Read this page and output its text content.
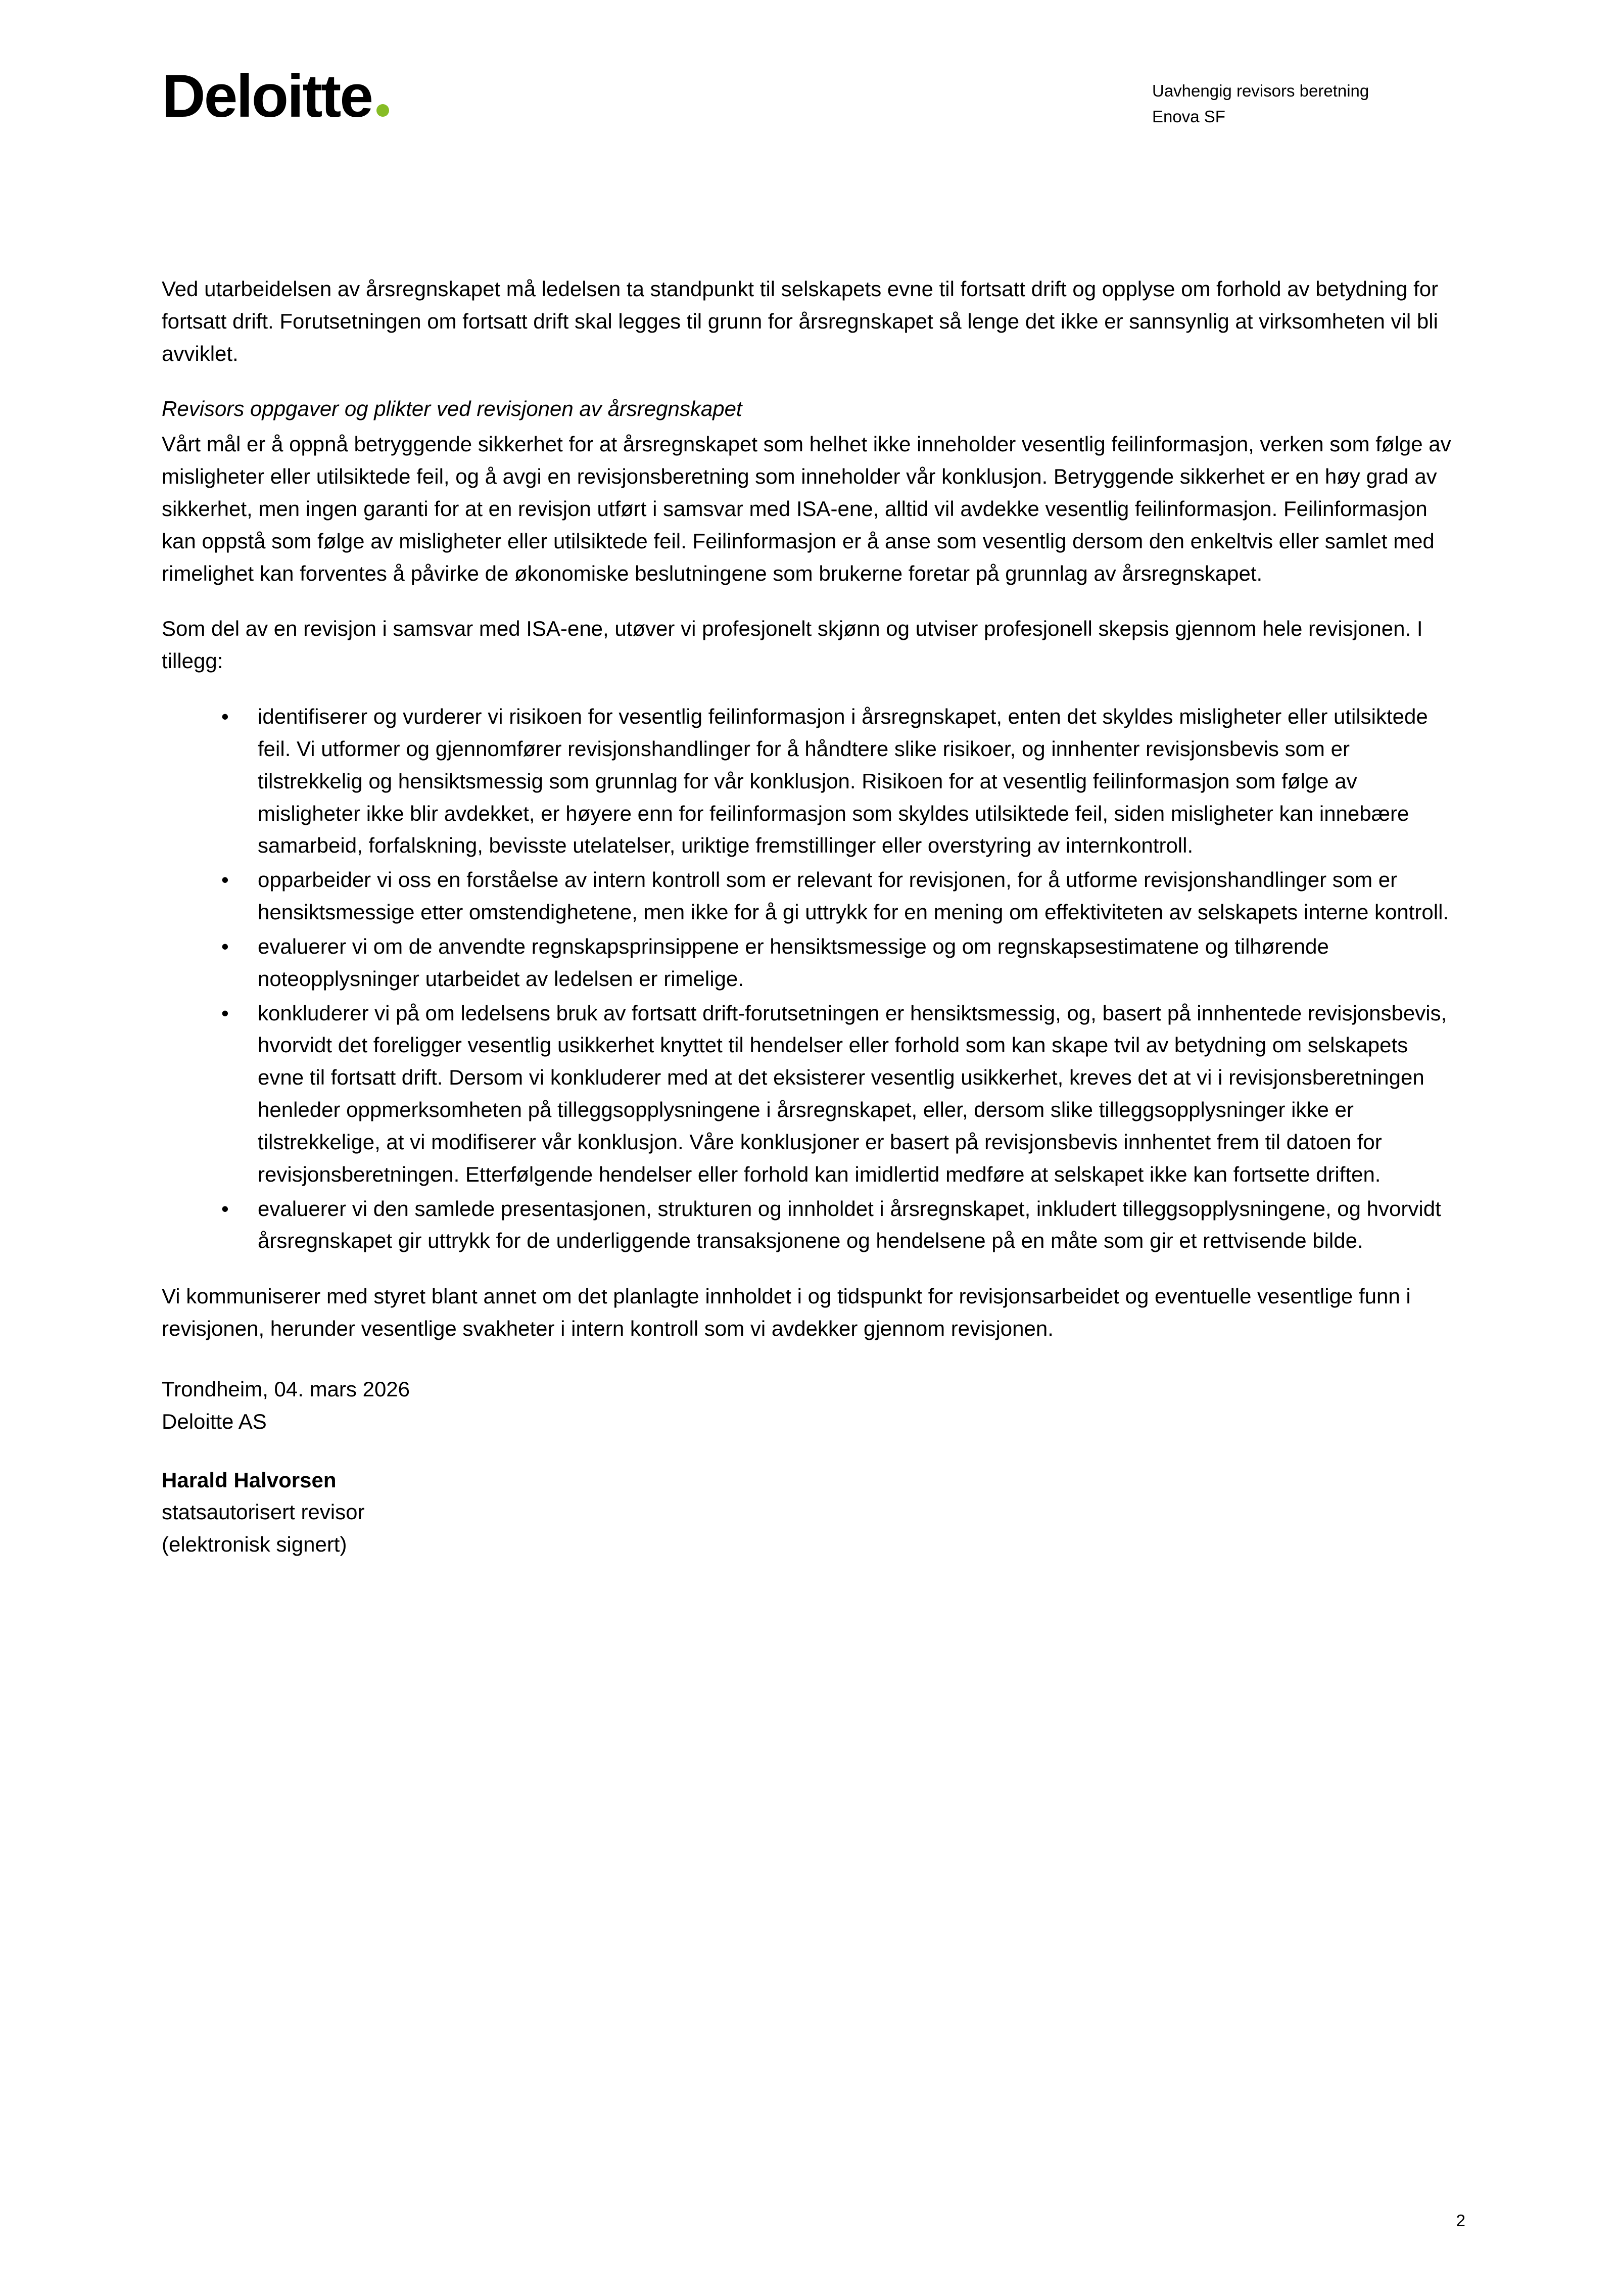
Deloitte	Uavhengig revisors beretning
Enova SF

Ved utarbeidelsen av årsregnskapet må ledelsen ta standpunkt til selskapets evne til fortsatt drift og opplyse om forhold av betydning for fortsatt drift. Forutsetningen om fortsatt drift skal legges til grunn for årsregnskapet så lenge det ikke er sannsynlig at virksomheten vil bli avviklet.

Revisors oppgaver og plikter ved revisjonen av årsregnskapet

Vårt mål er å oppnå betryggende sikkerhet for at årsregnskapet som helhet ikke inneholder vesentlig feilinformasjon, verken som følge av misligheter eller utilsiktede feil, og å avgi en revisjonsberetning som inneholder vår konklusjon. Betryggende sikkerhet er en høy grad av sikkerhet, men ingen garanti for at en revisjon utført i samsvar med ISA-ene, alltid vil avdekke vesentlig feilinformasjon. Feilinformasjon kan oppstå som følge av misligheter eller utilsiktede feil. Feilinformasjon er å anse som vesentlig dersom den enkeltvis eller samlet med rimelighet kan forventes å påvirke de økonomiske beslutningene som brukerne foretar på grunnlag av årsregnskapet.

Som del av en revisjon i samsvar med ISA-ene, utøver vi profesjonelt skjønn og utviser profesjonell skepsis gjennom hele revisjonen. I tillegg:

• identifiserer og vurderer vi risikoen for vesentlig feilinformasjon i årsregnskapet, enten det skyldes misligheter eller utilsiktede feil. Vi utformer og gjennomfører revisjonshandlinger for å håndtere slike risikoer, og innhenter revisjonsbevis som er tilstrekkelig og hensiktsmessig som grunnlag for vår konklusjon. Risikoen for at vesentlig feilinformasjon som følge av misligheter ikke blir avdekket, er høyere enn for feilinformasjon som skyldes utilsiktede feil, siden misligheter kan innebære samarbeid, forfalskning, bevisste utelatelser, uriktige fremstillinger eller overstyring av internkontroll.
• opparbeider vi oss en forståelse av intern kontroll som er relevant for revisjonen, for å utforme revisjonshandlinger som er hensiktsmessige etter omstendighetene, men ikke for å gi uttrykk for en mening om effektiviteten av selskapets interne kontroll.
• evaluerer vi om de anvendte regnskapsprinsippene er hensiktsmessige og om regnskapsestimatene og tilhørende noteopplysninger utarbeidet av ledelsen er rimelige.
• konkluderer vi på om ledelsens bruk av fortsatt drift-forutsetningen er hensiktsmessig, og, basert på innhentede revisjonsbevis, hvorvidt det foreligger vesentlig usikkerhet knyttet til hendelser eller forhold som kan skape tvil av betydning om selskapets evne til fortsatt drift. Dersom vi konkluderer med at det eksisterer vesentlig usikkerhet, kreves det at vi i revisjonsberetningen henleder oppmerksomheten på tilleggsopplysningene i årsregnskapet, eller, dersom slike tilleggsopplysninger ikke er tilstrekkelige, at vi modifiserer vår konklusjon. Våre konklusjoner er basert på revisjonsbevis innhentet frem til datoen for revisjonsberetningen. Etterfølgende hendelser eller forhold kan imidlertid medføre at selskapet ikke kan fortsette driften.
• evaluerer vi den samlede presentasjonen, strukturen og innholdet i årsregnskapet, inkludert tilleggsopplysningene, og hvorvidt årsregnskapet gir uttrykk for de underliggende transaksjonene og hendelsene på en måte som gir et rettvisende bilde.

Vi kommuniserer med styret blant annet om det planlagte innholdet i og tidspunkt for revisjonsarbeidet og eventuelle vesentlige funn i revisjonen, herunder vesentlige svakheter i intern kontroll som vi avdekker gjennom revisjonen.

Trondheim, 04. mars 2026
Deloitte AS
Harald Halvorsen
statsautorisert revisor
(elektronisk signert)
2
